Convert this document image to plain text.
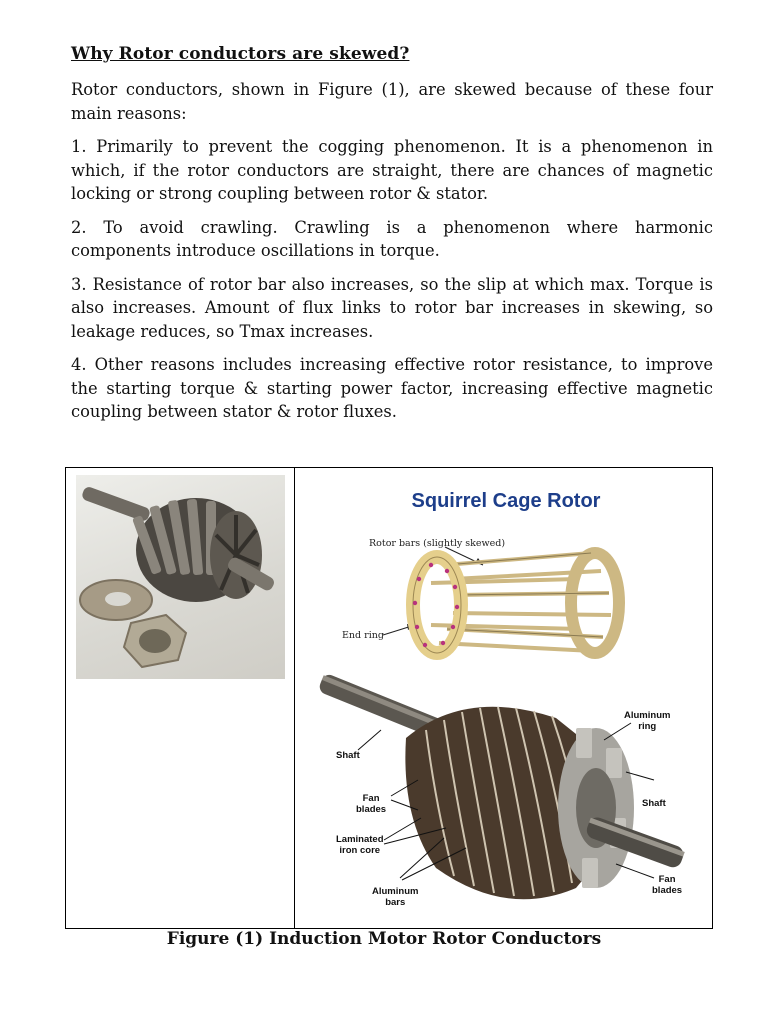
Why Rotor conductors are skewed?

Rotor conductors, shown in Figure (1), are skewed because of these four main reasons:

1. Primarily to prevent the cogging phenomenon. It is a phenomenon in which, if the rotor conductors are straight, there are chances of magnetic locking or strong coupling between rotor & stator.

2. To avoid crawling. Crawling is a phenomenon where harmonic components introduce oscillations in torque.

3. Resistance of rotor bar also increases, so the slip at which max. Torque is also increases. Amount of flux links to rotor bar increases in skewing, so leakage reduces, so Tmax increases.

4. Other reasons includes increasing effective rotor resistance, to improve the starting torque & starting power factor, increasing effective magnetic coupling between stator & rotor fluxes.

Squirrel Cage Rotor
Rotor bars (slightly skewed)
End ring
Shaft
Aluminum
ring
Fan
blades
Laminated
iron core
Aluminum
bars
Shaft
Fan
blades
Figure (1) Induction Motor Rotor Conductors
